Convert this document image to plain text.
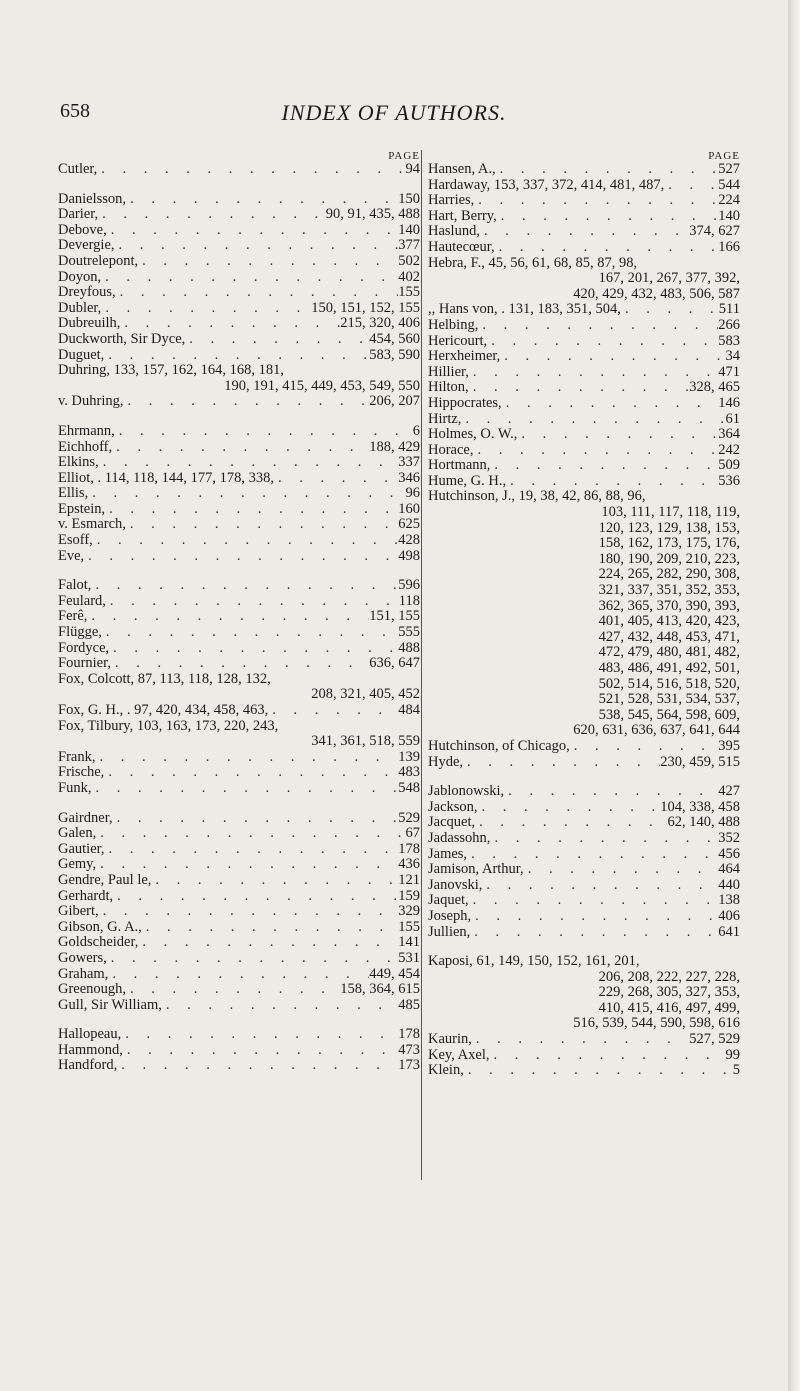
658	INDEX OF AUTHORS.
PAGE
Cutler, . . .	94
Danielsson, . . .	150
Darier, . . .	90, 91, 435, 488
Debove, . . .	140
Devergie, . . .	377
Doutrelepont, . . .	502
Doyon, . . .	402
Dreyfous, . . .	155
Dubler, . . .	150, 151, 152, 155
Dubreuilh, . . .	215, 320, 406
Duckworth, Sir Dyce, . . .	454, 560
Duguet, . . .	583, 590
Duhring, 133, 157, 162, 164, 168, 181,
190, 191, 415, 449, 453, 549, 550
v. Duhring, . . .	206, 207
Ehrmann, . . .	6
Eichhoff, . . .	188, 429
Elkins, . . .	337
Elliot, . 114, 118, 144, 177, 178, 338, . . .	346
Ellis, . . .	96
Epstein, . . .	160
v. Esmarch, . . .	625
Esoff, . . .	428
Eve, . . .	498
Falot, . . .	596
Feulard, . . .	118
Ferê, . . .	151, 155
Flügge, . . .	555
Fordyce, . . .	488
Fournier, . . .	636, 647
Fox, Colcott, 87, 113, 118, 128, 132,
208, 321, 405, 452
Fox, G. H., . 97, 420, 434, 458, 463, . . .	484
Fox, Tilbury, 103, 163, 173, 220, 243,
341, 361, 518, 559
Frank, . . .	139
Frische, . . .	483
Funk, . . .	548
Gairdner, . . .	529
Galen, . . .	67
Gautier, . . .	178
Gemy, . . .	436
Gendre, Paul le, . . .	121
Gerhardt, . . .	159
Gibert, . . .	329
Gibson, G. A., . . .	155
Goldscheider, . . .	141
Gowers, . . .	531
Graham, . . .	449, 454
Greenough, . . .	158, 364, 615
Gull, Sir William, . . .	485
Hallopeau, . . .	178
Hammond, . . .	473
Handford, . . .	173
PAGE
Hansen, A., . . .	527
Hardaway, 153, 337, 372, 414, 481, 487, . . .	544
Harries, . . .	224
Hart, Berry, . . .	140
Haslund, . . .	374, 627
Hautecœur, . . .	166
Hebra, F., 45, 56, 61, 68, 85, 87, 98,
167, 201, 267, 377, 392,
420, 429, 432, 483, 506, 587
,, Hans von, . 131, 183, 351, 504, . . .	511
Helbing, . . .	266
Hericourt, . . .	583
Herxheimer, . . .	34
Hillier, . . .	471
Hilton, . . .	328, 465
Hippocrates, . . .	146
Hirtz, . . .	61
Holmes, O. W., . . .	364
Horace, . . .	242
Hortmann, . . .	509
Hume, G. H., . . .	536
Hutchinson, J., 19, 38, 42, 86, 88, 96,
103, 111, 117, 118, 119,
120, 123, 129, 138, 153,
158, 162, 173, 175, 176,
180, 190, 209, 210, 223,
224, 265, 282, 290, 308,
321, 337, 351, 352, 353,
362, 365, 370, 390, 393,
401, 405, 413, 420, 423,
427, 432, 448, 453, 471,
472, 479, 480, 481, 482,
483, 486, 491, 492, 501,
502, 514, 516, 518, 520,
521, 528, 531, 534, 537,
538, 545, 564, 598, 609,
620, 631, 636, 637, 641, 644
Hutchinson, of Chicago, . . .	395
Hyde, . . .	230, 459, 515
Jablonowski, . . .	427
Jackson, . . .	104, 338, 458
Jacquet, . . .	62, 140, 488
Jadassohn, . . .	352
James, . . .	456
Jamison, Arthur, . . .	464
Janovski, . . .	440
Jaquet, . . .	138
Joseph, . . .	406
Jullien, . . .	641
Kaposi, 61, 149, 150, 152, 161, 201,
206, 208, 222, 227, 228,
229, 268, 305, 327, 353,
410, 415, 416, 497, 499,
516, 539, 544, 590, 598, 616
Kaurin, . . .	527, 529
Key, Axel, . . .	99
Klein, . . .	5
